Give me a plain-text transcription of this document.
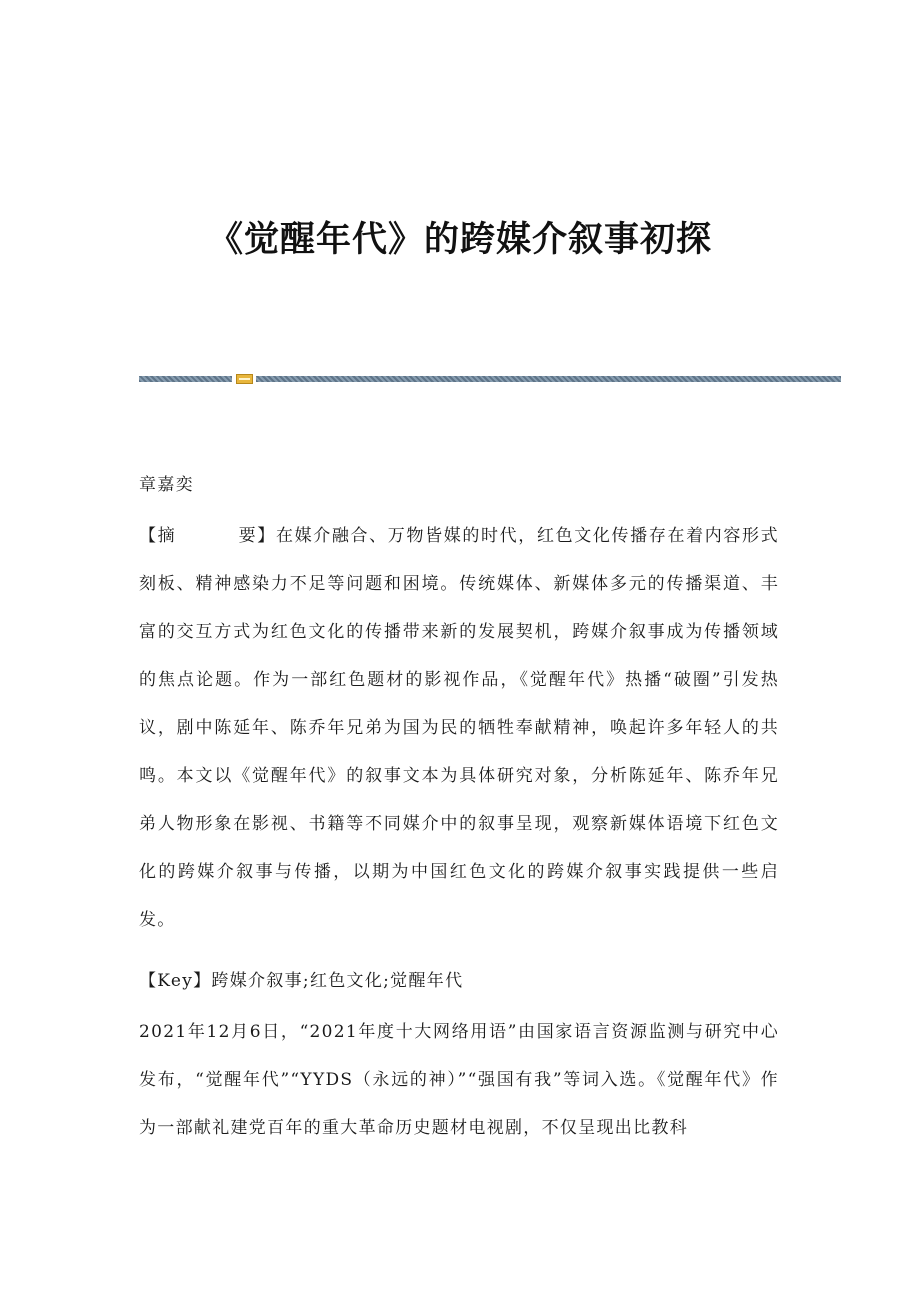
《觉醒年代》的跨媒介叙事初探

章嘉奕

【摘	要】在媒介融合、万物皆媒的时代，红色文化传播存在着内容形式刻板、精神感染力不足等问题和困境。传统媒体、新媒体多元的传播渠道、丰富的交互方式为红色文化的传播带来新的发展契机，跨媒介叙事成为传播领域的焦点论题。作为一部红色题材的影视作品，《觉醒年代》热播“破圈”引发热议，剧中陈延年、陈乔年兄弟为国为民的牺牲奉献精神，唤起许多年轻人的共鸣。本文以《觉醒年代》的叙事文本为具体研究对象，分析陈延年、陈乔年兄弟人物形象在影视、书籍等不同媒介中的叙事呈现，观察新媒体语境下红色文化的跨媒介叙事与传播，以期为中国红色文化的跨媒介叙事实践提供一些启发。

【Key】跨媒介叙事;红色文化;觉醒年代

2021年12月6日，“2021年度十大网络用语”由国家语言资源监测与研究中心发布，“觉醒年代”“YYDS（永远的神）”“强国有我”等词入选。《觉醒年代》作为一部献礼建党百年的重大革命历史题材电视剧，不仅呈现出比教科
